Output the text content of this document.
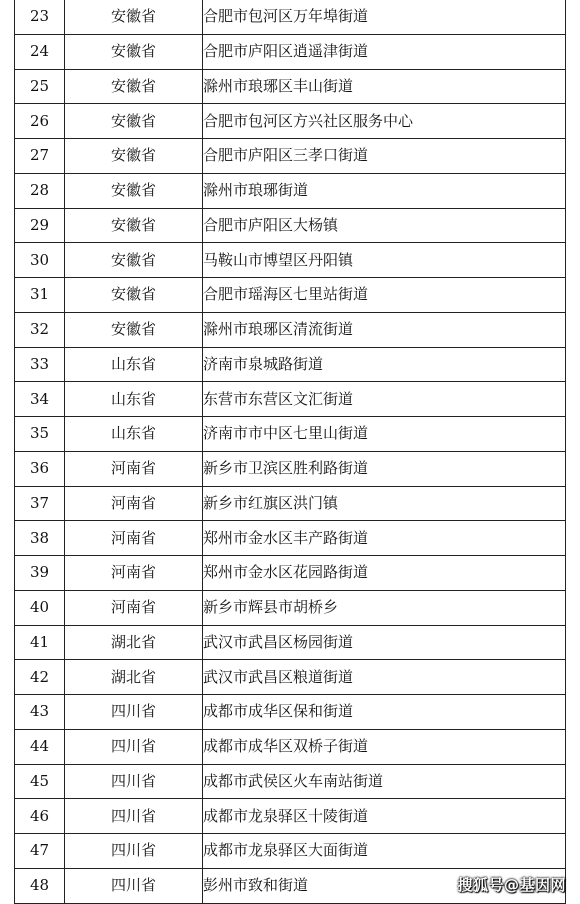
23	安徽省	合肥市包河区万年埠街道
24	安徽省	合肥市庐阳区逍遥津街道
25	安徽省	滁州市琅琊区丰山街道
26	安徽省	合肥市包河区方兴社区服务中心
27	安徽省	合肥市庐阳区三孝口街道
28	安徽省	滁州市琅琊街道
29	安徽省	合肥市庐阳区大杨镇
30	安徽省	马鞍山市博望区丹阳镇
31	安徽省	合肥市瑶海区七里站街道
32	安徽省	滁州市琅琊区清流街道
33	山东省	济南市泉城路街道
34	山东省	东营市东营区文汇街道
35	山东省	济南市市中区七里山街道
36	河南省	新乡市卫滨区胜利路街道
37	河南省	新乡市红旗区洪门镇
38	河南省	郑州市金水区丰产路街道
39	河南省	郑州市金水区花园路街道
40	河南省	新乡市辉县市胡桥乡
41	湖北省	武汉市武昌区杨园街道
42	湖北省	武汉市武昌区粮道街道
43	四川省	成都市成华区保和街道
44	四川省	成都市成华区双桥子街道
45	四川省	成都市武侯区火车南站街道
46	四川省	成都市龙泉驿区十陵街道
47	四川省	成都市龙泉驿区大面街道
48	四川省	彭州市致和街道	搜狐号@基因网
